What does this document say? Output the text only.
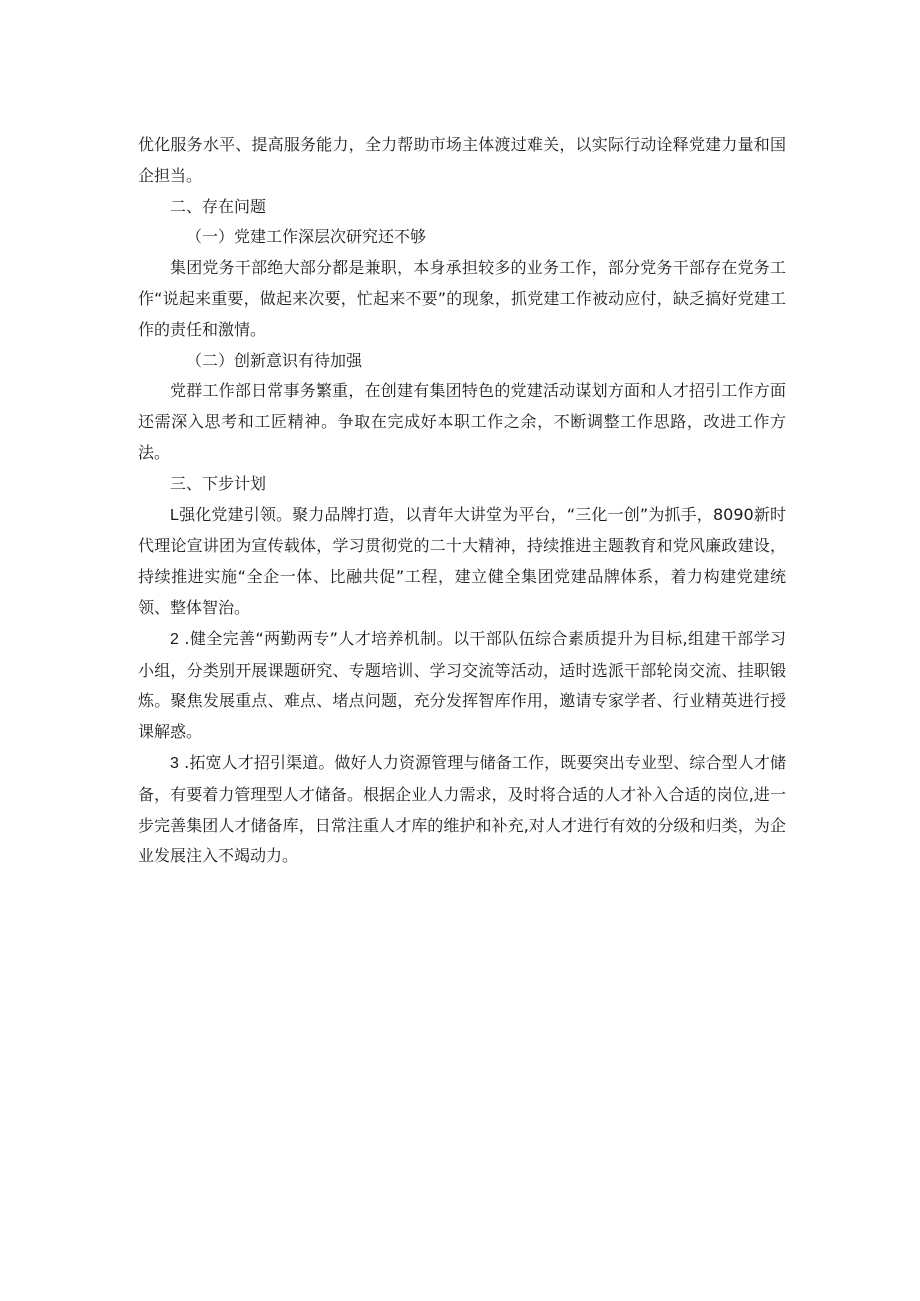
优化服务水平、提高服务能力，全力帮助市场主体渡过难关，以实际行动诠释党建力量和国企担当。

二、存在问题

（一）党建工作深层次研究还不够

集团党务干部绝大部分都是兼职，本身承担较多的业务工作，部分党务干部存在党务工作“说起来重要，做起来次要，忙起来不要”的现象，抓党建工作被动应付，缺乏搞好党建工作的责任和激情。

（二）创新意识有待加强

党群工作部日常事务繁重，在创建有集团特色的党建活动谋划方面和人才招引工作方面还需深入思考和工匠精神。争取在完成好本职工作之余，不断调整工作思路，改进工作方法。

三、下步计划

L强化党建引领。聚力品牌打造，以青年大讲堂为平台，“三化一创”为抓手，8090新时代理论宣讲团为宣传载体，学习贯彻党的二十大精神，持续推进主题教育和党风廉政建设，持续推进实施“全企一体、比融共促”工程，建立健全集团党建品牌体系，着力构建党建统领、整体智治。

2 .健全完善“两勤两专”人才培养机制。以干部队伍综合素质提升为目标,组建干部学习小组，分类别开展课题研究、专题培训、学习交流等活动，适时选派干部轮岗交流、挂职锻炼。聚焦发展重点、难点、堵点问题，充分发挥智库作用，邀请专家学者、行业精英进行授课解惑。

3 .拓宽人才招引渠道。做好人力资源管理与储备工作，既要突出专业型、综合型人才储备，有要着力管理型人才储备。根据企业人力需求，及时将合适的人才补入合适的岗位,进一步完善集团人才储备库，日常注重人才库的维护和补充,对人才进行有效的分级和归类，为企业发展注入不竭动力。
